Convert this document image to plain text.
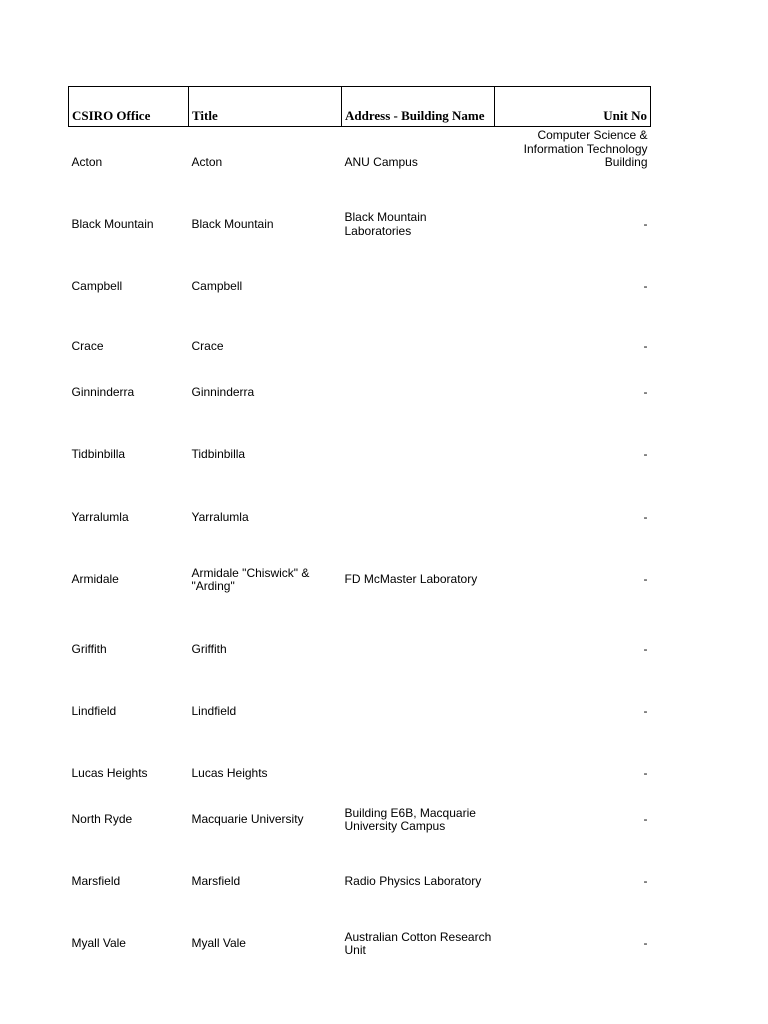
CSIRO Office	Title	Address - Building Name	Unit No
Acton	Acton	ANU Campus	Computer Science & Information Technology Building
Black Mountain	Black Mountain	Black Mountain Laboratories	-
Campbell	Campbell		-
Crace	Crace		-
Ginninderra	Ginninderra		-
Tidbinbilla	Tidbinbilla		-
Yarralumla	Yarralumla		-
Armidale	Armidale "Chiswick" & "Arding"	FD McMaster Laboratory	-
Griffith	Griffith		-
Lindfield	Lindfield		-
Lucas Heights	Lucas Heights		-
North Ryde	Macquarie University	Building E6B, Macquarie University Campus	-
Marsfield	Marsfield	Radio Physics Laboratory	-
Myall Vale	Myall Vale	Australian Cotton Research Unit	-
